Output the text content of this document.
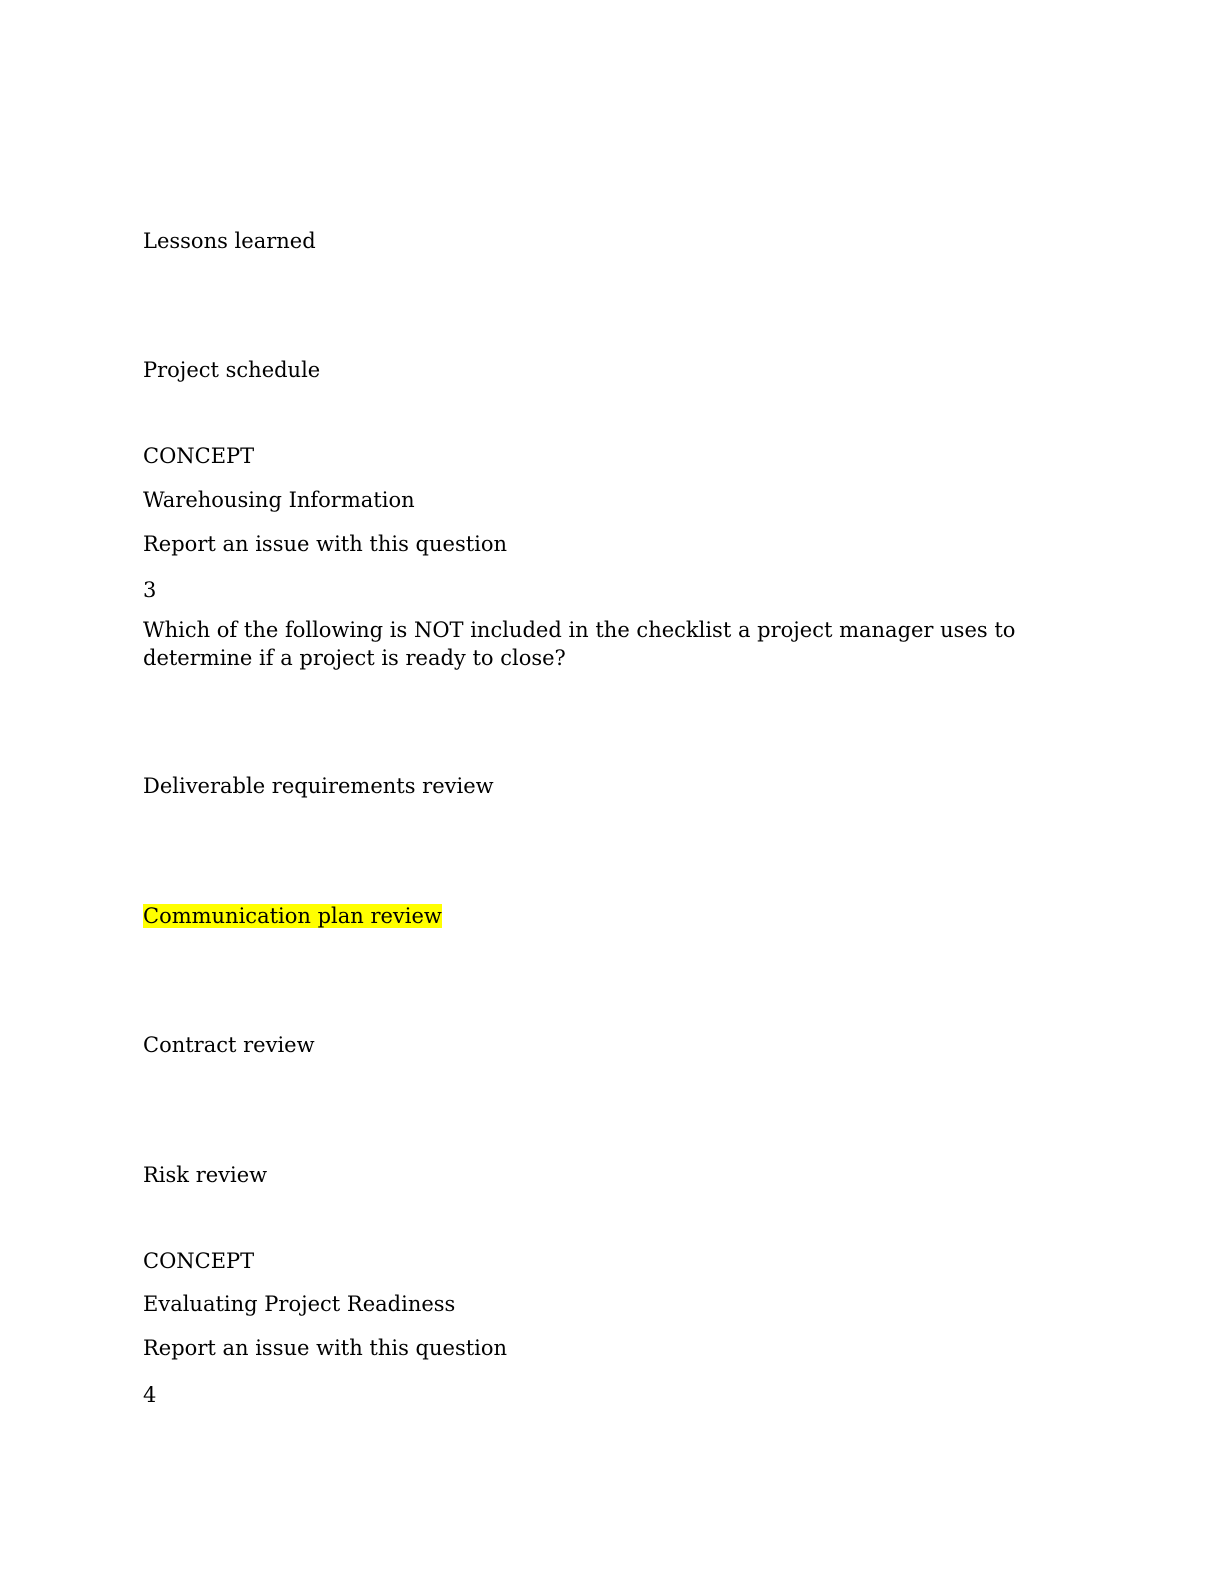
Lessons learned
Project schedule
CONCEPT
Warehousing Information
Report an issue with this question
3
Which of the following is NOT included in the checklist a project manager uses to determine if a project is ready to close?
Deliverable requirements review
Communication plan review
Contract review
Risk review
CONCEPT
Evaluating Project Readiness
Report an issue with this question
4
